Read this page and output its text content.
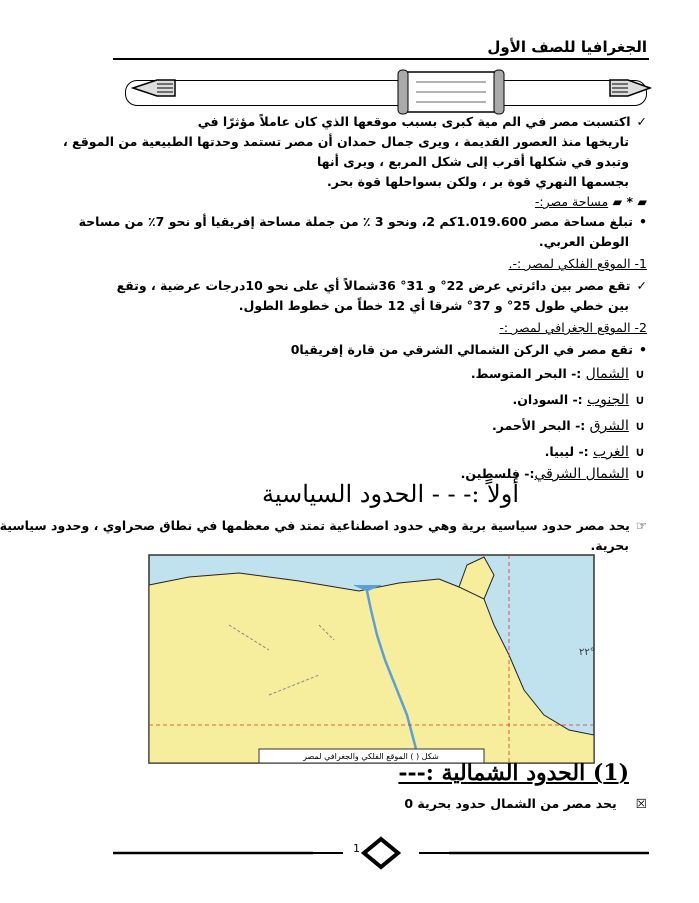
الجغرافيا للصف الأول

✓اكتسبت مصر في الم مية كبرى بسبب موقعها الذي كان عاملاً مؤثرًا في

تاريخها منذ العصور القديمة ، ويرى جمال حمدان أن مصر تستمد وحدتها الطبيعية من الموقع ،

وتبدو في شكلها أقرب إلى شكل المربع ، ويرى أنها

بجسمها النهري قوة بر ، ولكن بسواحلها قوة بحر.

▰ * ▰ مساحة مصر:-

•تبلغ مساحة مصر 1.019.600كم 2، ونحو 3 ٪ من جملة مساحة إفريقيا أو نحو 7٪ من مساحة

الوطن العربي.

1- الموقع الفلكي لمصر :-.

✓تقع مصر بين دائرتي عرض 22° و 31° 36شمالاً أي على نحو 10درجات عرضية ، وتقع

بين خطي طول 25° و 37° شرقا أي 12 خطاً من خطوط الطول.

2- الموقع الجغرافي لمصر :-

•تقع مصر في الركن الشمالي الشرقي من قارة إفريقيا0

∪الشمال :- البحر المتوسط.

∪الجنوب :- السودان.

∪الشرق :- البحر الأحمر.

∪الغرب :- ليبيا.

∪الشمال الشرقي:- فلسطين.

أولاً :- - - الحدود السياسية

☞يحد مصر حدود سياسية برية وهي حدود اصطناعية تمتد في معظمها في نطاق صحراوي ، وحدود سياسية

بحرية.

٢٢°
شكل ( ) الموقع الفلكي والجغرافي لمصر
(1) الحدود الشمالية :---

☒   يحد مصر من الشمال حدود بحرية 0

1
